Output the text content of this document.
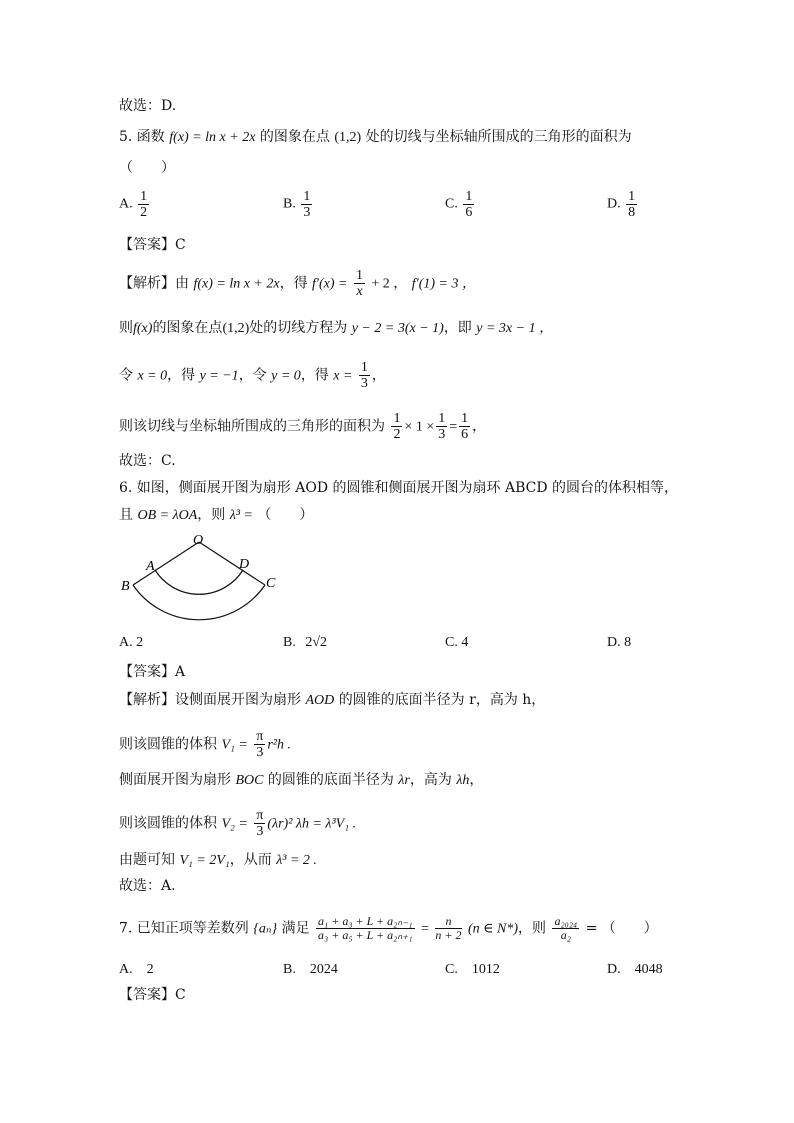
故选：D.
5. 函数 f(x) = ln x + 2x 的图象在点 (1,2) 处的切线与坐标轴所围成的三角形的面积为
（　　）
A. $\frac{1}{2}$	B. $\frac{1}{3}$	C. $\frac{1}{6}$	D. $\frac{1}{8}$
【答案】C
【解析】由 f(x) = ln x + 2x，得 $f'(x) = \frac{1}{x} + 2$ ， f′(1) = 3 ，
则f(x)的图象在点(1,2)处的切线方程为 y − 2 = 3(x − 1)，即 y = 3x − 1 ，
令 x = 0，得 y = −1，令 y = 0，得 $x = \frac{1}{3}$ ，
则该切线与坐标轴所围成的三角形的面积为 $\frac{1}{2} \times 1 \times \frac{1}{3} = \frac{1}{6}$ ，
故选：C.
6. 如图，侧面展开图为扇形 AOD 的圆锥和侧面展开图为扇环 ABCD 的圆台的体积相等，
且 OB = λOA，则 λ³ = （　　）
O
A
B	C
D
A. 2	B. 2√2	C. 4	D. 8
【答案】A
【解析】设侧面展开图为扇形 AOD 的圆锥的底面半径为 r，高为 h，
则该圆锥的体积 $V_1 = \frac{\pi}{3} r^2h$ .
侧面展开图为扇形 BOC 的圆锥的底面半径为 λr，高为 λh，
则该圆锥的体积 $V_2 = \frac{\pi}{3} (\lambda r)^2$ λh = λ³V₁ .
由题可知 V₁ = 2V₁，从而 λ³ = 2 .
故选：A.
7. 已知正项等差数列 {aₙ} 满足 $\frac{\text{a₁ + a₃ + L + a₂ₙ₋₁}}{\text{a₃ + a₅ + L + a₂ₙ₊₁}} = \frac{n}{n + 2} (n$ ∈ N*)，则 $\frac{\text{a₂₀₂₄}}{\text{a₂}}$ = （　　）
A.　2	B.　2024	C.　1012	D.　4048
【答案】C
